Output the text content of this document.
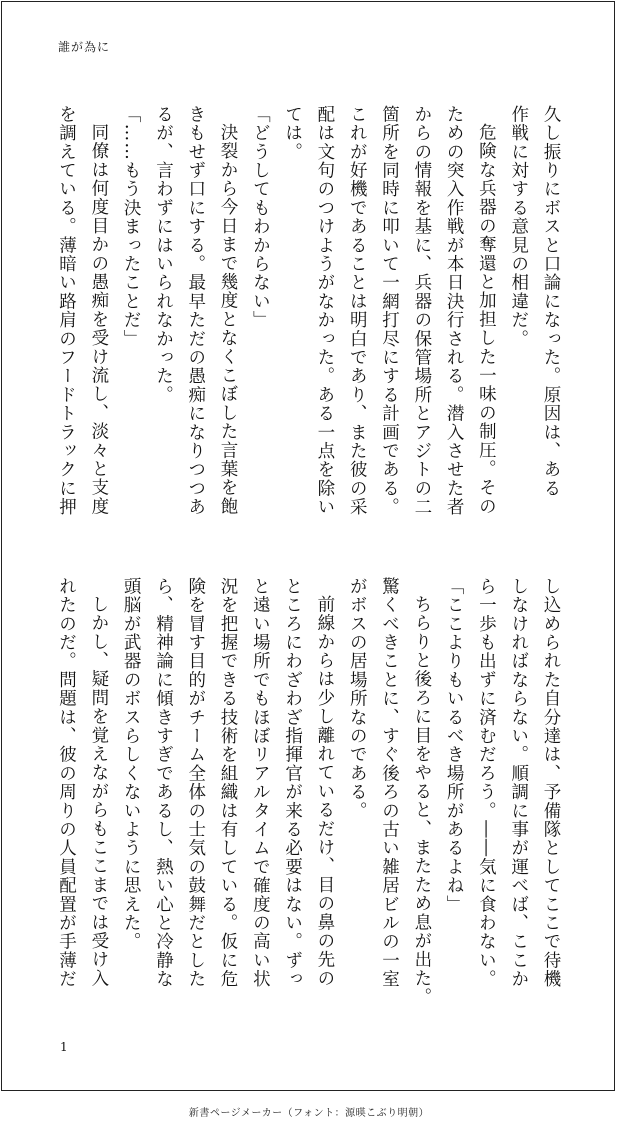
誰が為に

久し振りにボスと口論になった。原因は、ある

作戦に対する意見の相違だ。

危険な兵器の奪還と加担した一味の制圧。その

ための突入作戦が本日決行される。潜入させた者

からの情報を基に、兵器の保管場所とアジトの二

箇所を同時に叩いて一網打尽にする計画である。

これが好機であることは明白であり、また彼の采

配は文句のつけようがなかった。ある一点を除い

ては。

「どうしてもわからない」

決裂から今日まで幾度となくこぼした言葉を飽

きもせず口にする。最早ただの愚痴になりつつあ

るが、言わずにはいられなかった。

「……もう決まったことだ」

同僚は何度目かの愚痴を受け流し、淡々と支度

を調えている。薄暗い路肩のフードトラックに押

し込められた自分達は、予備隊としてここで待機

しなければならない。順調に事が運べば、ここか

ら一歩も出ずに済むだろう。――気に食わない。

「ここよりもいるべき場所があるよね」

ちらりと後ろに目をやると、またため息が出た。

驚くべきことに、すぐ後ろの古い雑居ビルの一室

がボスの居場所なのである。

前線からは少し離れているだけ、目の鼻の先の

ところにわざわざ指揮官が来る必要はない。ずっ

と遠い場所でもほぼリアルタイムで確度の高い状

況を把握できる技術を組織は有している。仮に危

険を冒す目的がチーム全体の士気の鼓舞だとした

ら、精神論に傾きすぎであるし、熱い心と冷静な

頭脳が武器のボスらしくないように思えた。

しかし、疑問を覚えながらもここまでは受け入

れたのだ。問題は、彼の周りの人員配置が手薄だ

1
新書ページメーカー（フォント：源暎こぶり明朝）
